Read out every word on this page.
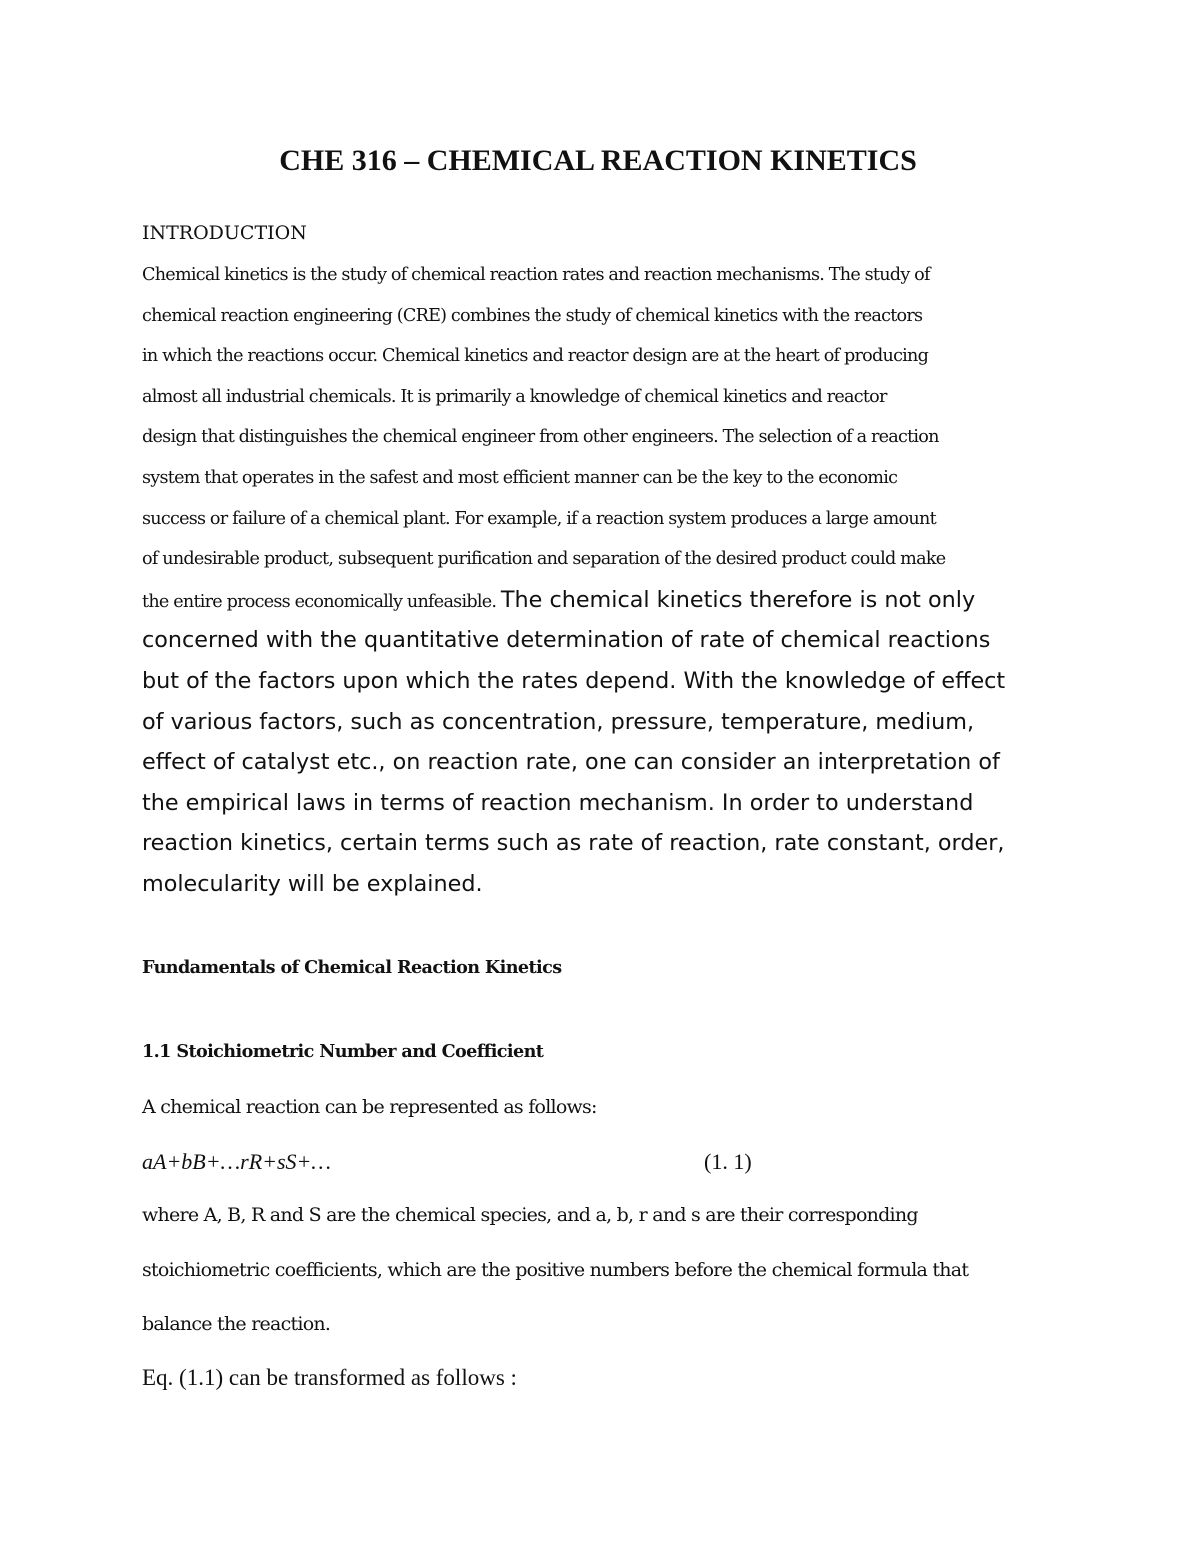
CHE 316 – CHEMICAL REACTION KINETICS

INTRODUCTION

Chemical kinetics is the study of chemical reaction rates and reaction mechanisms. The study of
chemical reaction engineering (CRE) combines the study of chemical kinetics with the reactors
in which the reactions occur. Chemical kinetics and reactor design are at the heart of producing
almost all industrial chemicals. It is primarily a knowledge of chemical kinetics and reactor
design that distinguishes the chemical engineer from other engineers. The selection of a reaction
system that operates in the safest and most efficient manner can be the key to the economic
success or failure of a chemical plant. For example, if a reaction system produces a large amount
of undesirable product, subsequent purification and separation of the desired product could make
the entire process economically unfeasible. The chemical kinetics therefore is not only
concerned with the quantitative determination of rate of chemical reactions
but of the factors upon which the rates depend. With the knowledge of effect
of various factors, such as concentration, pressure, temperature, medium,
effect of catalyst etc., on reaction rate, one can consider an interpretation of
the empirical laws in terms of reaction mechanism. In order to understand
reaction kinetics, certain terms such as rate of reaction, rate constant, order,
molecularity will be explained.

Fundamentals of Chemical Reaction Kinetics

1.1 Stoichiometric Number and Coefficient

A chemical reaction can be represented as follows:

aA+bB+…rR+sS+…	(1. 1)

where A, B, R and S are the chemical species, and a, b, r and s are their corresponding

stoichiometric coefficients, which are the positive numbers before the chemical formula that

balance the reaction.

Eq. (1.1) can be transformed as follows :
